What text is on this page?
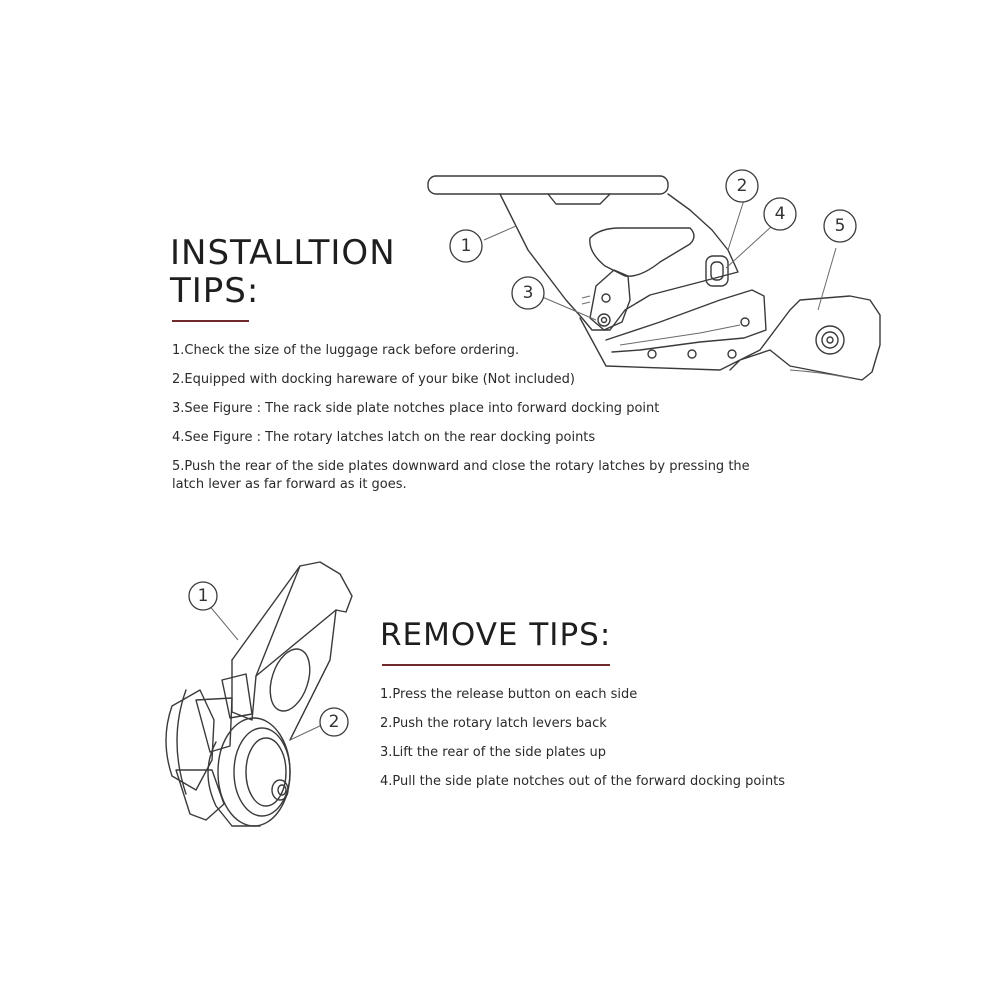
1
2
3
4
5
INSTALLTION
TIPS:
1.Check the size of the luggage rack before ordering.
2.Equipped with docking hareware of your bike (Not included)
3.See Figure : The rack side plate notches place into forward docking point
4.See Figure : The rotary latches latch on the rear docking points
5.Push the rear of the side plates downward and close the rotary latches by pressing the
latch lever as far forward as it goes.
1
2
REMOVE TIPS:
1.Press the release button on each side
2.Push the rotary latch levers back
3.Lift the rear of the side plates up
4.Pull the side plate notches out of the forward docking points
